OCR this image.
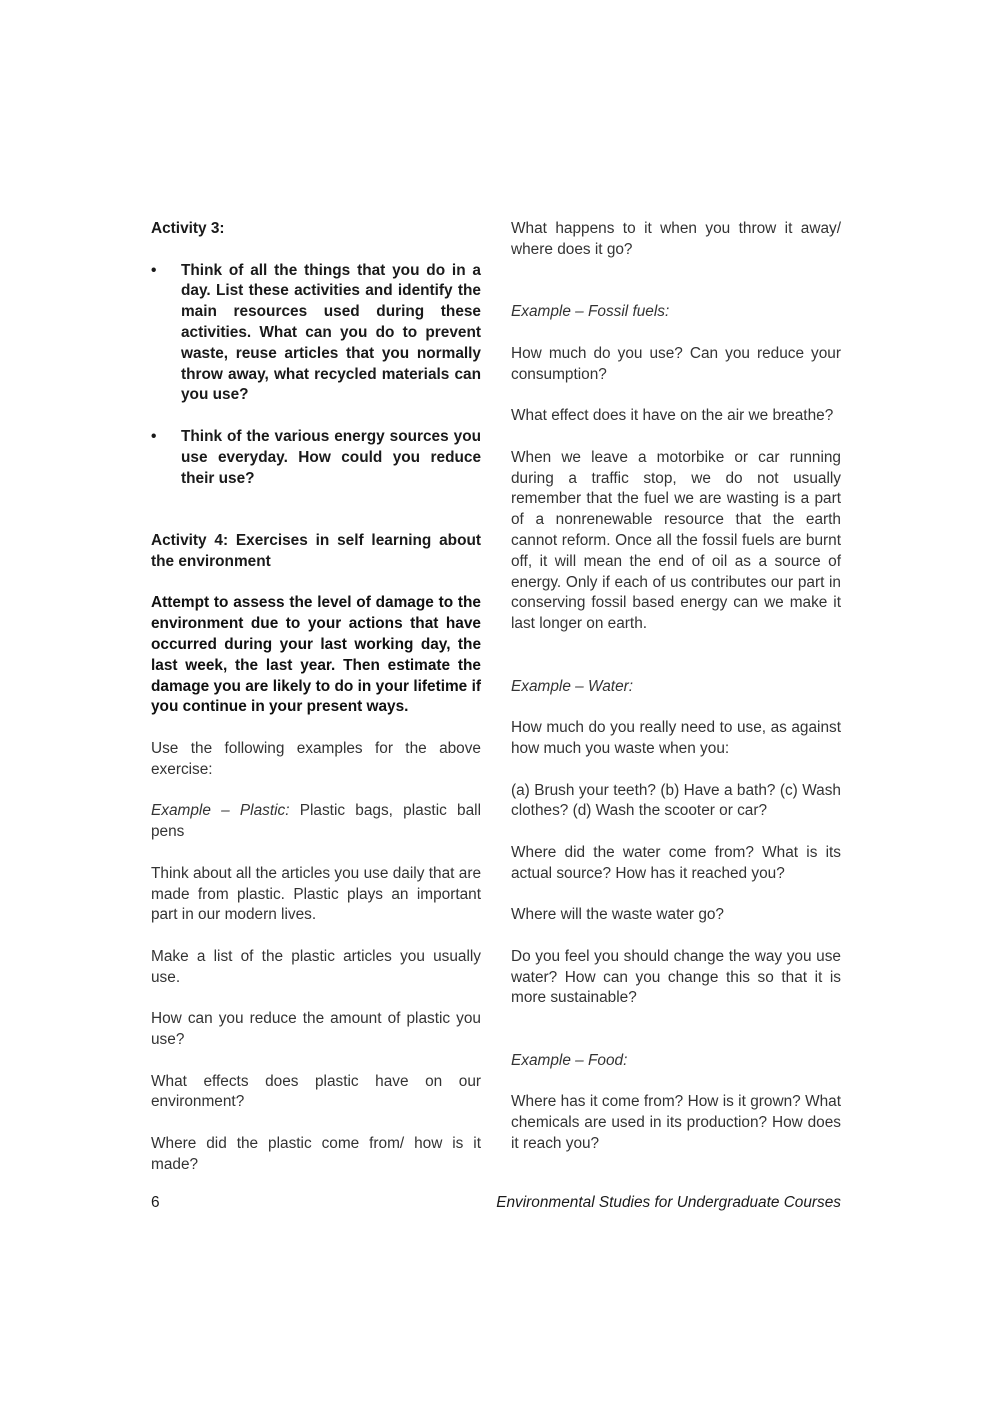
Activity 3:

•	Think of all the things that you do in a day. List these activities and identify the main resources used during these activities. What can you do to prevent waste, reuse articles that you normally throw away, what recycled materials can you use?
•	Think of the various energy sources you use everyday. How could you reduce their use?

Activity 4: Exercises in self learning about the environment

Attempt to assess the level of damage to the environment due to your actions that have occurred during your last working day, the last week, the last year. Then estimate the damage you are likely to do in your lifetime if you continue in your present ways.

Use the following examples for the above exercise:

Example – Plastic: Plastic bags, plastic ball pens

Think about all the articles you use daily that are made from plastic. Plastic plays an important part in our modern lives.

Make a list of the plastic articles you usually use.

How can you reduce the amount of plastic you use?

What effects does plastic have on our environment?

Where did the plastic come from/ how is it made?

What happens to it when you throw it away/ where does it go?

Example – Fossil fuels:

How much do you use? Can you reduce your consumption?

What effect does it have on the air we breathe?

When we leave a motorbike or car running during a traffic stop, we do not usually remember that the fuel we are wasting is a part of a nonrenewable resource that the earth cannot reform. Once all the fossil fuels are burnt off, it will mean the end of oil as a source of energy. Only if each of us contributes our part in conserving fossil based energy can we make it last longer on earth.

Example – Water:

How much do you really need to use, as against how much you waste when you:

(a) Brush your teeth? (b) Have a bath? (c) Wash clothes? (d) Wash the scooter or car?

Where did the water come from? What is its actual source? How has it reached you?

Where will the waste water go?

Do you feel you should change the way you use water? How can you change this so that it is more sustainable?

Example – Food:

Where has it come from? How is it grown? What chemicals are used in its production? How does it reach you?

6	Environmental Studies for Undergraduate Courses
